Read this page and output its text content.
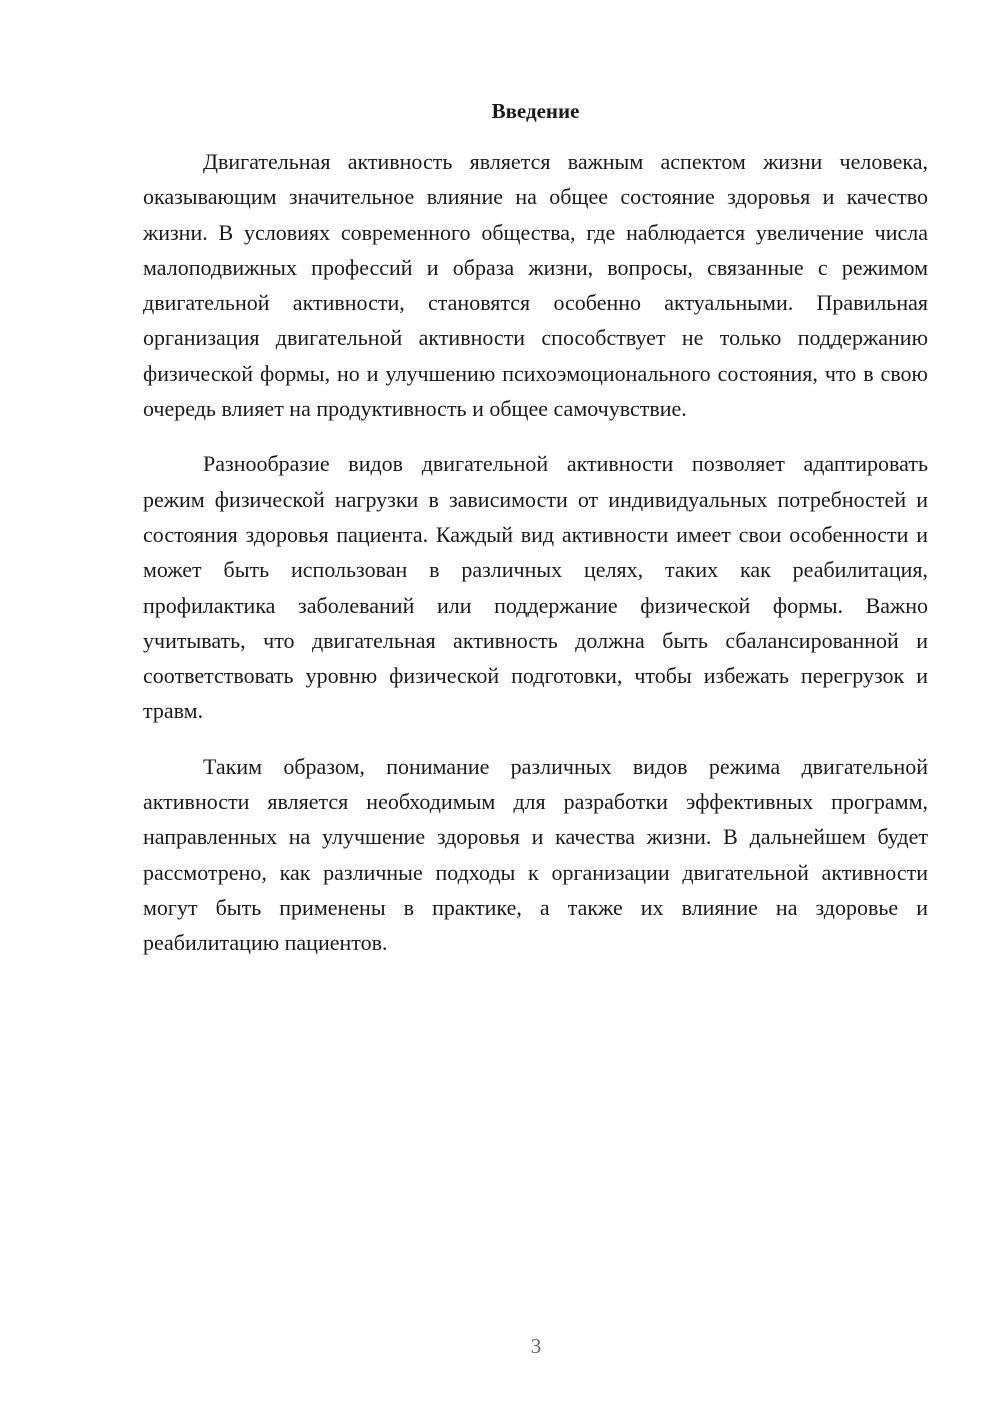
Введение

Двигательная активность является важным аспектом жизни человека, оказывающим значительное влияние на общее состояние здоровья и качество жизни. В условиях современного общества, где наблюдается увеличение числа малоподвижных профессий и образа жизни, вопросы, связанные с режимом двигательной активности, становятся особенно актуальными. Правильная организация двигательной активности способствует не только поддержанию физической формы, но и улучшению психоэмоционального состояния, что в свою очередь влияет на продуктивность и общее самочувствие.

Разнообразие видов двигательной активности позволяет адаптировать режим физической нагрузки в зависимости от индивидуальных потребностей и состояния здоровья пациента. Каждый вид активности имеет свои особенности и может быть использован в различных целях, таких как реабилитация, профилактика заболеваний или поддержание физической формы. Важно учитывать, что двигательная активность должна быть сбалансированной и соответствовать уровню физической подготовки, чтобы избежать перегрузок и травм.

Таким образом, понимание различных видов режима двигательной активности является необходимым для разработки эффективных программ, направленных на улучшение здоровья и качества жизни. В дальнейшем будет рассмотрено, как различные подходы к организации двигательной активности могут быть применены в практике, а также их влияние на здоровье и реабилитацию пациентов.

3
